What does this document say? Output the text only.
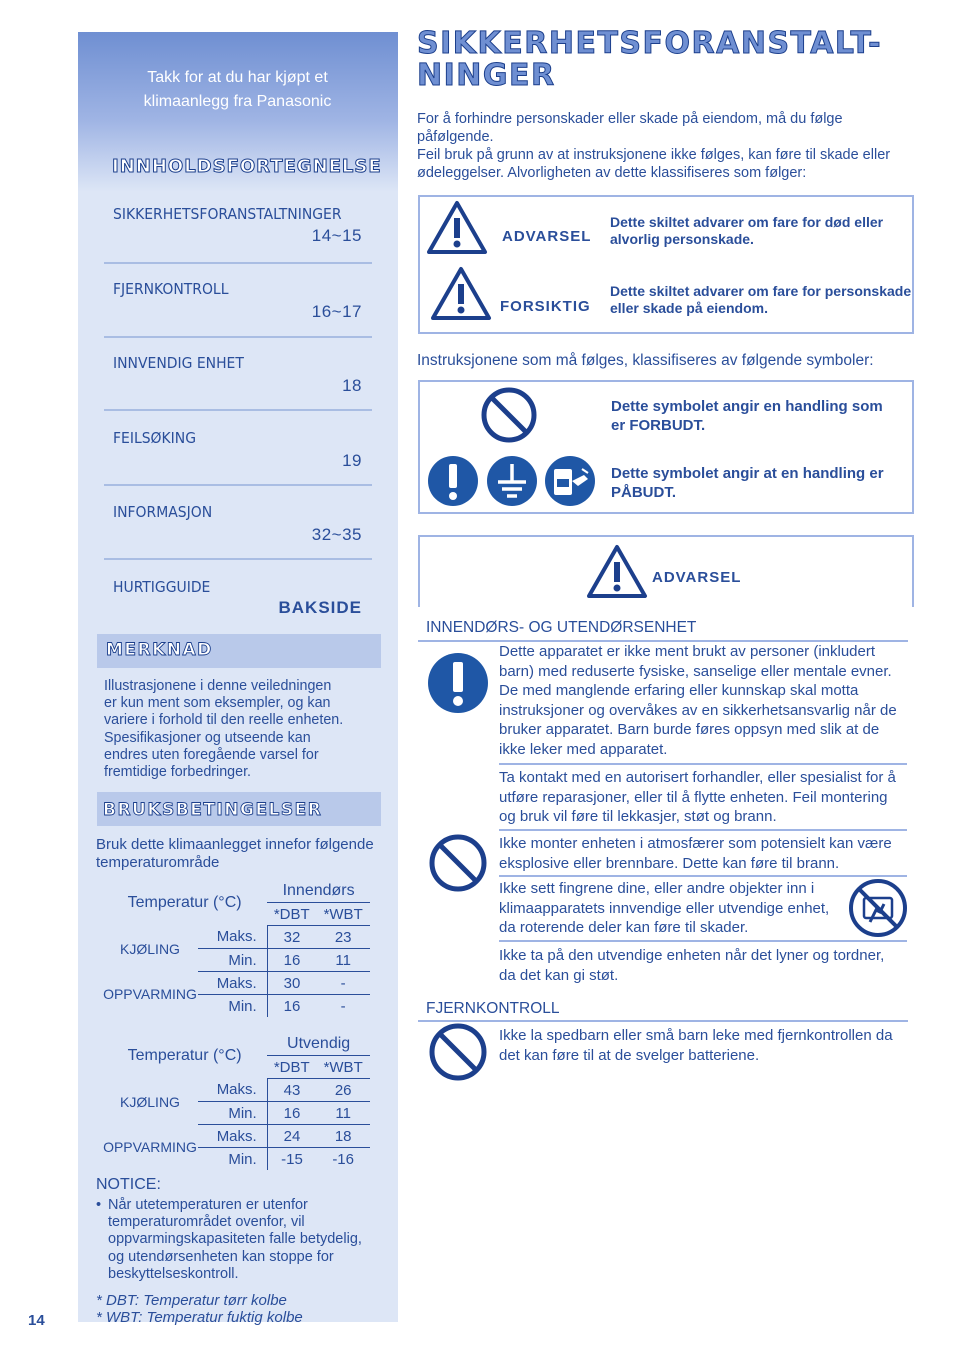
Takk for at du har kjøpt et
klimaanlegg fra Panasonic
INNHOLDSFORTEGNELSE
SIKKERHETSFORANSTALTNINGER
14~15
FJERNKONTROLL
16~17
INNVENDIG ENHET
18
FEILSØKING
19
INFORMASJON
32~35
HURTIGGUIDE
BAKSIDE
MERKNAD
Illustrasjonene i denne veiledningen
er kun ment som eksempler, og kan
variere i forhold til den reelle enheten.
Spesifikasjoner og utseende kan
endres uten foregående varsel for
fremtidige forbedringer.
BRUKSBETINGELSER
Bruk dette klimaanlegget innefor følgende
temperaturområde
Temperatur (°C)		Innendørs	
		*DBT	*WBT
KJØLING	Maks.	32	23
	Min.	16	11
OPPVARMING	Maks.	30	-
	Min.	16	-
Temperatur (°C)		Utvendig	
		*DBT	*WBT
KJØLING	Maks.	43	26
	Min.	16	11
OPPVARMING	Maks.	24	18
	Min.	-15	-16
NOTICE:
• Når utetemperaturen er utenfor
temperaturområdet ovenfor, vil
oppvarmingskapasiteten falle betydelig,
og utendørsenheten kan stoppe for
beskyttelseskontroll.
* DBT: Temperatur tørr kolbe
* WBT: Temperatur fuktig kolbe
14
SIKKERHETSFORANSTALT-
NINGER
For å forhindre personskader eller skade på eiendom, må du følge
påfølgende.
Feil bruk på grunn av at instruksjonene ikke følges, kan føre til skade eller
ødeleggelser. Alvorligheten av dette klassifiseres som følger:
ADVARSEL
Dette skiltet advarer om fare for død eller
alvorlig personskade.
FORSIKTIG
Dette skiltet advarer om fare for personskade
eller skade på eiendom.
Instruksjonene som må følges, klassifiseres av følgende symboler:
Dette symbolet angir en handling som
er FORBUDT.
Dette symbolet angir at en handling er
PÅBUDT.
ADVARSEL
INNENDØRS- OG UTENDØRSENHET
Dette apparatet er ikke ment brukt av personer (inkludert
barn) med reduserte fysiske, sanselige eller mentale evner.
De med manglende erfaring eller kunnskap skal motta
instruksjoner og overvåkes av en sikkerhetsansvarlig når de
bruker apparatet. Barn burde føres oppsyn med slik at de
ikke leker med apparatet.
Ta kontakt med en autorisert forhandler, eller spesialist for å
utføre reparasjoner, eller til å flytte enheten. Feil montering
og bruk vil føre til lekkasjer, støt og brann.
Ikke monter enheten i atmosfærer som potensielt kan være
eksplosive eller brennbare. Dette kan føre til brann.
Ikke sett fingrene dine, eller andre objekter inn i
klimaapparatets innvendige eller utvendige enhet,
da roterende deler kan føre til skader.
Ikke ta på den utvendige enheten når det lyner og tordner,
da det kan gi støt.
FJERNKONTROLL
Ikke la spedbarn eller små barn leke med fjernkontrollen da
det kan føre til at de svelger batteriene.
